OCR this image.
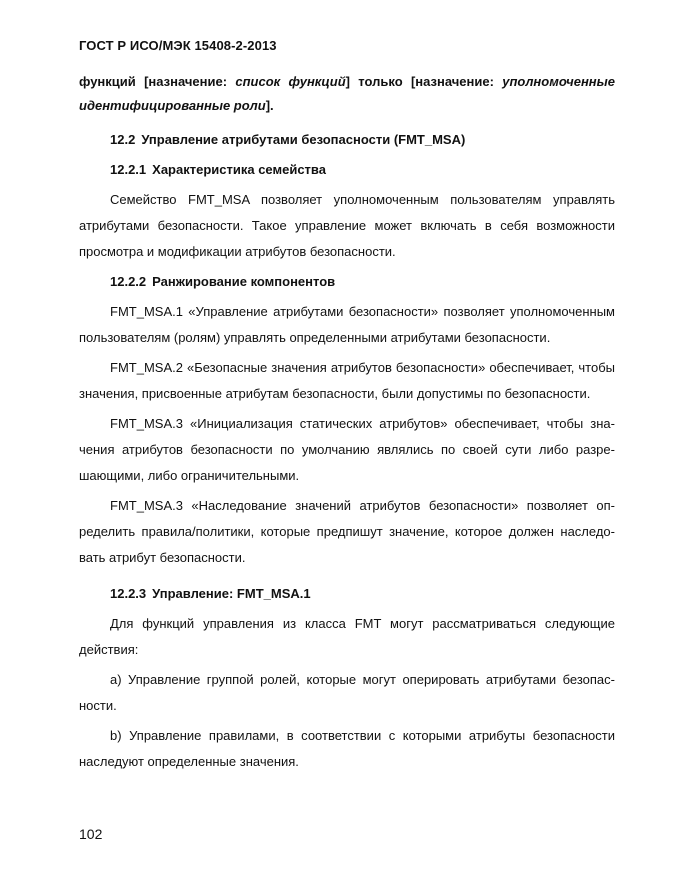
ГОСТ Р ИСО/МЭК 15408-2-2013
функций [назначение: список функций] только [назначение: уполномоченные идентифицированные роли].

12.2 Управление атрибутами безопасности (FMT_MSA)

12.2.1 Характеристика семейства

Семейство FMT_MSA позволяет уполномоченным пользователям управлять атрибутами безопасности. Такое управление может включать в себя возможности просмотра и модификации атрибутов безопасности.

12.2.2 Ранжирование компонентов

FMT_MSA.1 «Управление атрибутами безопасности» позволяет уполномоченным пользователям (ролям) управлять определенными атрибутами безопасности.

FMT_MSA.2 «Безопасные значения атрибутов безопасности» обеспечивает, чтобы значения, присвоенные атрибутам безопасности, были допустимы по безопасности.

FMT_MSA.3 «Инициализация статических атрибутов» обеспечивает, чтобы значения атрибутов безопасности по умолчанию являлись по своей сути либо разрешающими, либо ограничительными.

FMT_MSA.3 «Наследование значений атрибутов безопасности» позволяет определить правила/политики, которые предпишут значение, которое должен наследовать атрибут безопасности.

12.2.3 Управление: FMT_MSA.1

Для функций управления из класса FMT могут рассматриваться следующие действия:

a) Управление группой ролей, которые могут оперировать атрибутами безопасности.

b) Управление правилами, в соответствии с которыми атрибуты безопасности наследуют определенные значения.

102
